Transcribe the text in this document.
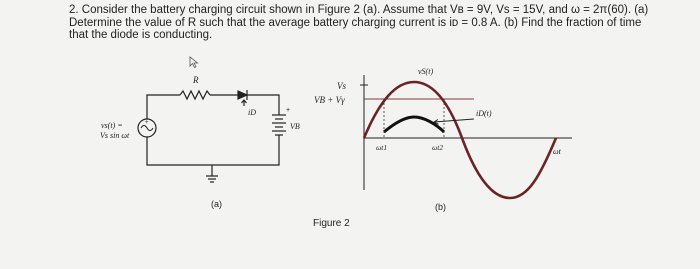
2. Consider the battery charging circuit shown in Figure 2 (a). Assume that Vʙ = 9V, Vs = 15V, and ω = 2π(60). (a)
Determine the value of R such that the average battery charging current is iᴅ = 0.8 A. (b) Find the fraction of time
that the diode is conducting.
+
R
iD
VB
+
vs(t) =
Vs sin ωt
(a)
Vs
VB + Vγ
vS(t)
iD(t)
ωt1	ωt2	ωt
(b)
Figure 2
